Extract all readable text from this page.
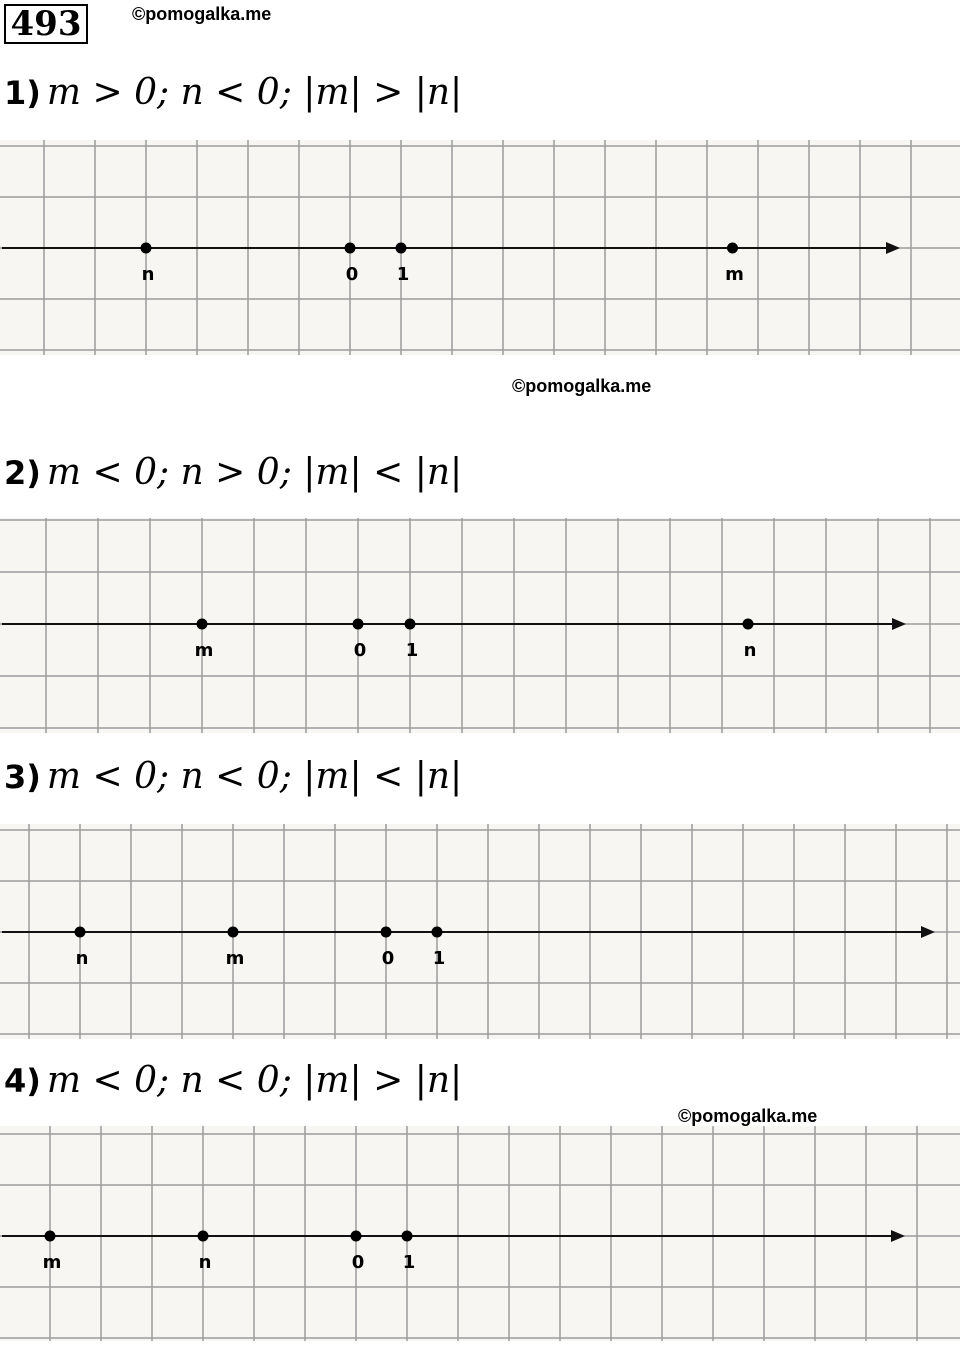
493	©pomogalka.me
©pomogalka.me
©pomogalka.me
1) m > 0; n < 0; |m| > |n|
n	0 1	m
2) m < 0; n > 0; |m| < |n|
m	0 1	n
3) m < 0; n < 0; |m| < |n|
n	m	0 1
4) m < 0; n < 0; |m| > |n|
m	n	0 1
